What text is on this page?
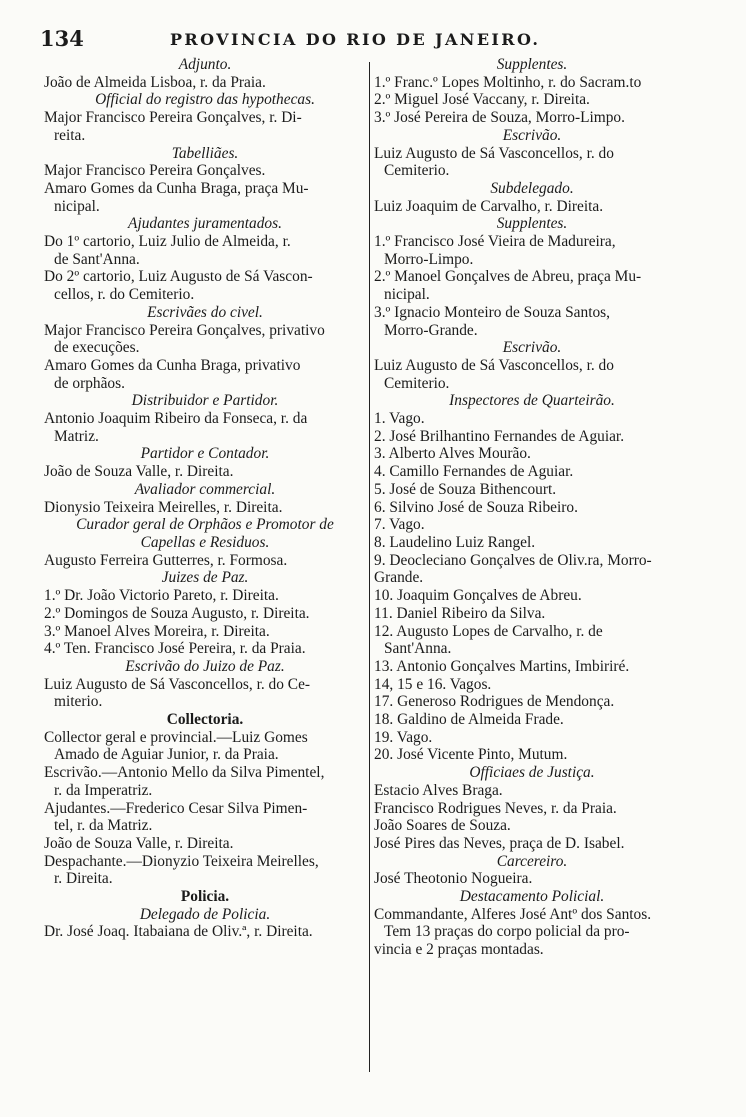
134	PROVINCIA DO RIO DE JANEIRO.
Adjunto.
João de Almeida Lisboa, r. da Praia.
Official do registro das hypothecas.
Major Francisco Pereira Gonçalves, r. Di-
reita.
Tabelliães.
Major Francisco Pereira Gonçalves.
Amaro Gomes da Cunha Braga, praça Mu-
nicipal.
Ajudantes juramentados.
Do 1º cartorio, Luiz Julio de Almeida, r.
de Sant'Anna.
Do 2º cartorio, Luiz Augusto de Sá Vascon-
cellos, r. do Cemiterio.
Escrivães do civel.
Major Francisco Pereira Gonçalves, privativo
de execuções.
Amaro Gomes da Cunha Braga, privativo
de orphãos.
Distribuidor e Partidor.
Antonio Joaquim Ribeiro da Fonseca, r. da
Matriz.
Partidor e Contador.
João de Souza Valle, r. Direita.
Avaliador commercial.
Dionysio Teixeira Meirelles, r. Direita.
Curador geral de Orphãos e Promotor de
Capellas e Residuos.
Augusto Ferreira Gutterres, r. Formosa.
Juizes de Paz.
1.º Dr. João Victorio Pareto, r. Direita.
2.º Domingos de Souza Augusto, r. Direita.
3.º Manoel Alves Moreira, r. Direita.
4.º Ten. Francisco José Pereira, r. da Praia.
Escrivão do Juizo de Paz.
Luiz Augusto de Sá Vasconcellos, r. do Ce-
miterio.
Collectoria.
Collector geral e provincial.—Luiz Gomes
Amado de Aguiar Junior, r. da Praia.
Escrivão.—Antonio Mello da Silva Pimentel,
r. da Imperatriz.
Ajudantes.—Frederico Cesar Silva Pimen-
tel, r. da Matriz.
João de Souza Valle, r. Direita.
Despachante.—Dionyzio Teixeira Meirelles,
r. Direita.
Policia.
Delegado de Policia.
Dr. José Joaq. Itabaiana de Oliv.ª, r. Direita.
Supplentes.
1.º Franc.º Lopes Moltinho, r. do Sacram.to
2.º Miguel José Vaccany, r. Direita.
3.º José Pereira de Souza, Morro-Limpo.
Escrivão.
Luiz Augusto de Sá Vasconcellos, r. do
Cemiterio.
Subdelegado.
Luiz Joaquim de Carvalho, r. Direita.
Supplentes.
1.º Francisco José Vieira de Madureira,
Morro-Limpo.
2.º Manoel Gonçalves de Abreu, praça Mu-
nicipal.
3.º Ignacio Monteiro de Souza Santos,
Morro-Grande.
Escrivão.
Luiz Augusto de Sá Vasconcellos, r. do
Cemiterio.
Inspectores de Quarteirão.
1. Vago.
2. José Brilhantino Fernandes de Aguiar.
3. Alberto Alves Mourão.
4. Camillo Fernandes de Aguiar.
5. José de Souza Bithencourt.
6. Silvino José de Souza Ribeiro.
7. Vago.
8. Laudelino Luiz Rangel.
9. Deocleciano Gonçalves de Oliv.ra, Morro-
Grande.
10. Joaquim Gonçalves de Abreu.
11. Daniel Ribeiro da Silva.
12. Augusto Lopes de Carvalho, r. de
Sant'Anna.
13. Antonio Gonçalves Martins, Imbiriré.
14, 15 e 16. Vagos.
17. Generoso Rodrigues de Mendonça.
18. Galdino de Almeida Frade.
19. Vago.
20. José Vicente Pinto, Mutum.
Officiaes de Justiça.
Estacio Alves Braga.
Francisco Rodrigues Neves, r. da Praia.
João Soares de Souza.
José Pires das Neves, praça de D. Isabel.
Carcereiro.
José Theotonio Nogueira.
Destacamento Policial.
Commandante, Alferes José Antº dos Santos.
Tem 13 praças do corpo policial da pro-
vincia e 2 praças montadas.
